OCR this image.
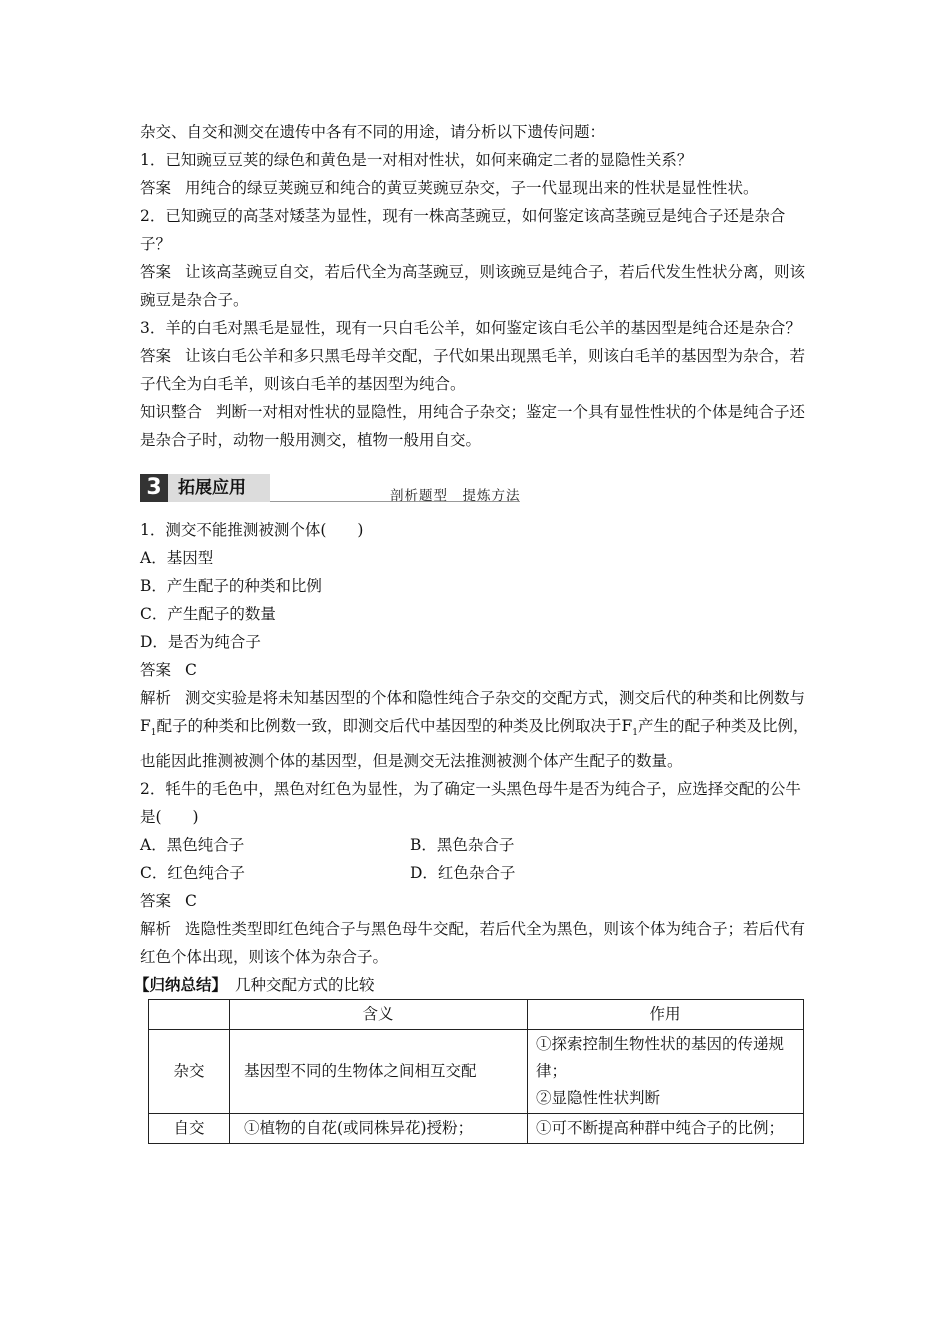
杂交、自交和测交在遗传中各有不同的用途，请分析以下遗传问题：

1．已知豌豆豆荚的绿色和黄色是一对相对性状，如何来确定二者的显隐性关系？

答案 用纯合的绿豆荚豌豆和纯合的黄豆荚豌豆杂交，子一代显现出来的性状是显性性状。

2．已知豌豆的高茎对矮茎为显性，现有一株高茎豌豆，如何鉴定该高茎豌豆是纯合子还是杂合子？

答案 让该高茎豌豆自交，若后代全为高茎豌豆，则该豌豆是纯合子，若后代发生性状分离，则该豌豆是杂合子。

3．羊的白毛对黑毛是显性，现有一只白毛公羊，如何鉴定该白毛公羊的基因型是纯合还是杂合？

答案 让该白毛公羊和多只黑毛母羊交配，子代如果出现黑毛羊，则该白毛羊的基因型为杂合，若子代全为白毛羊，则该白毛羊的基因型为纯合。

知识整合 判断一对相对性状的显隐性，用纯合子杂交；鉴定一个具有显性性状的个体是纯合子还是杂合子时，动物一般用测交，植物一般用自交。

3 拓展应用	剖析题型　提炼方法

1．测交不能推测被测个体(　　)

A．基因型

B．产生配子的种类和比例

C．产生配子的数量

D．是否为纯合子

答案 C

解析 测交实验是将未知基因型的个体和隐性纯合子杂交的交配方式，测交后代的种类和比例数与$F_1$配子的种类和比例数一致，即测交后代中基因型的种类及比例取决于$F_1$产生的配子种类及比例，也能因此推测被测个体的基因型，但是测交无法推测被测个体产生配子的数量。

2．牦牛的毛色中，黑色对红色为显性，为了确定一头黑色母牛是否为纯合子，应选择交配的公牛是(　　)

A．黑色纯合子	B．黑色杂合子

C．红色纯合子	D．红色杂合子

答案 C

解析 选隐性类型即红色纯合子与黑色母牛交配，若后代全为黑色，则该个体为纯合子；若后代有红色个体出现，则该个体为杂合子。

【归纳总结】 几种交配方式的比较

	含义	作用
杂交	基因型不同的生物体之间相互交配	①探索控制生物性状的基因的传递规律；
②显隐性性状判断

自交	①植物的自花(或同株异花)授粉；	①可不断提高种群中纯合子的比例；
